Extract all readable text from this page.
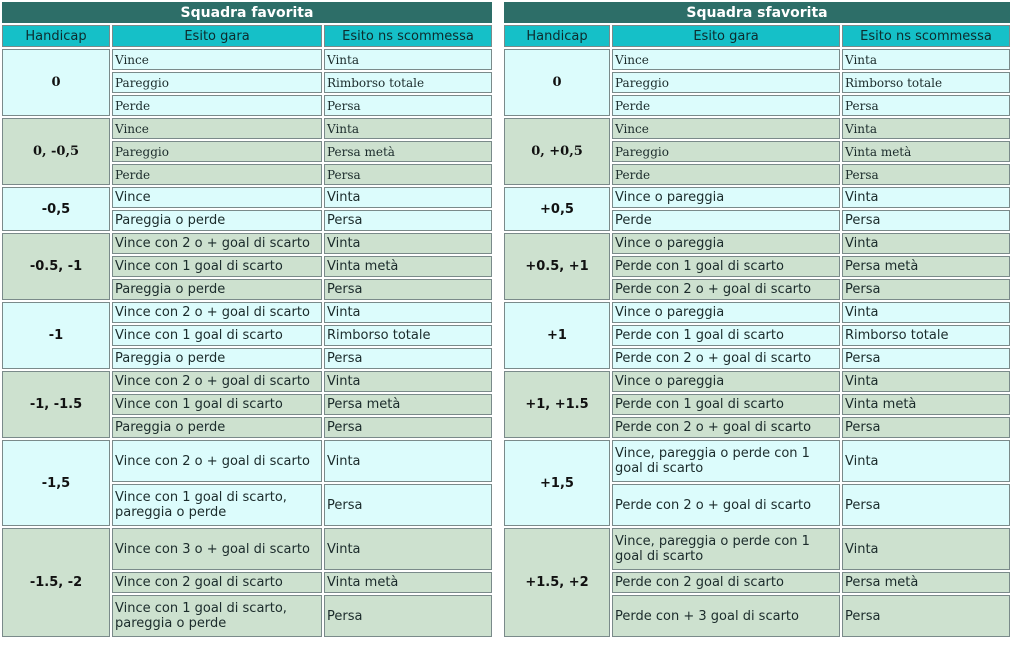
Squadra favorita		
Handicap	Esito gara	Esito ns scommessa
0	Vince	Vinta
	Pareggio	Rimborso totale
	Perde	Persa
0, -0,5	Vince	Vinta
	Pareggio	Persa metà
	Perde	Persa
-0,5	Vince	Vinta
	Pareggia o perde	Persa
-0.5, -1	Vince con 2 o + goal di scarto	Vinta
	Vince con 1 goal di scarto	Vinta metà
	Pareggia o perde	Persa
-1	Vince con 2 o + goal di scarto	Vinta
	Vince con 1 goal di scarto	Rimborso totale
	Pareggia o perde	Persa
-1, -1.5	Vince con 2 o + goal di scarto	Vinta
	Vince con 1 goal di scarto	Persa metà
	Pareggia o perde	Persa
-1,5	Vince con 2 o + goal di scarto	Vinta
	Vince con 1 goal di scarto, pareggia o perde	Persa
-1.5, -2	Vince con 3 o + goal di scarto	Vinta
	Vince con 2 goal di scarto	Vinta metà
	Vince con 1 goal di scarto, pareggia o perde	Persa
Squadra sfavorita		
Handicap	Esito gara	Esito ns scommessa
0	Vince	Vinta
	Pareggio	Rimborso totale
	Perde	Persa
0, +0,5	Vince	Vinta
	Pareggio	Vinta metà
	Perde	Persa
+0,5	Vince o pareggia	Vinta
	Perde	Persa
+0.5, +1	Vince o pareggia	Vinta
	Perde con 1 goal di scarto	Persa metà
	Perde con 2 o + goal di scarto	Persa
+1	Vince o pareggia	Vinta
	Perde con 1 goal di scarto	Rimborso totale
	Perde con 2 o + goal di scarto	Persa
+1, +1.5	Vince o pareggia	Vinta
	Perde con 1 goal di scarto	Vinta metà
	Perde con 2 o + goal di scarto	Persa
+1,5	Vince, pareggia o perde con 1 goal di scarto	Vinta
	Perde con 2 o + goal di scarto	Persa
+1.5, +2	Vince, pareggia o perde con 1 goal di scarto	Vinta
	Perde con 2 goal di scarto	Persa metà
	Perde con + 3 goal di scarto	Persa
